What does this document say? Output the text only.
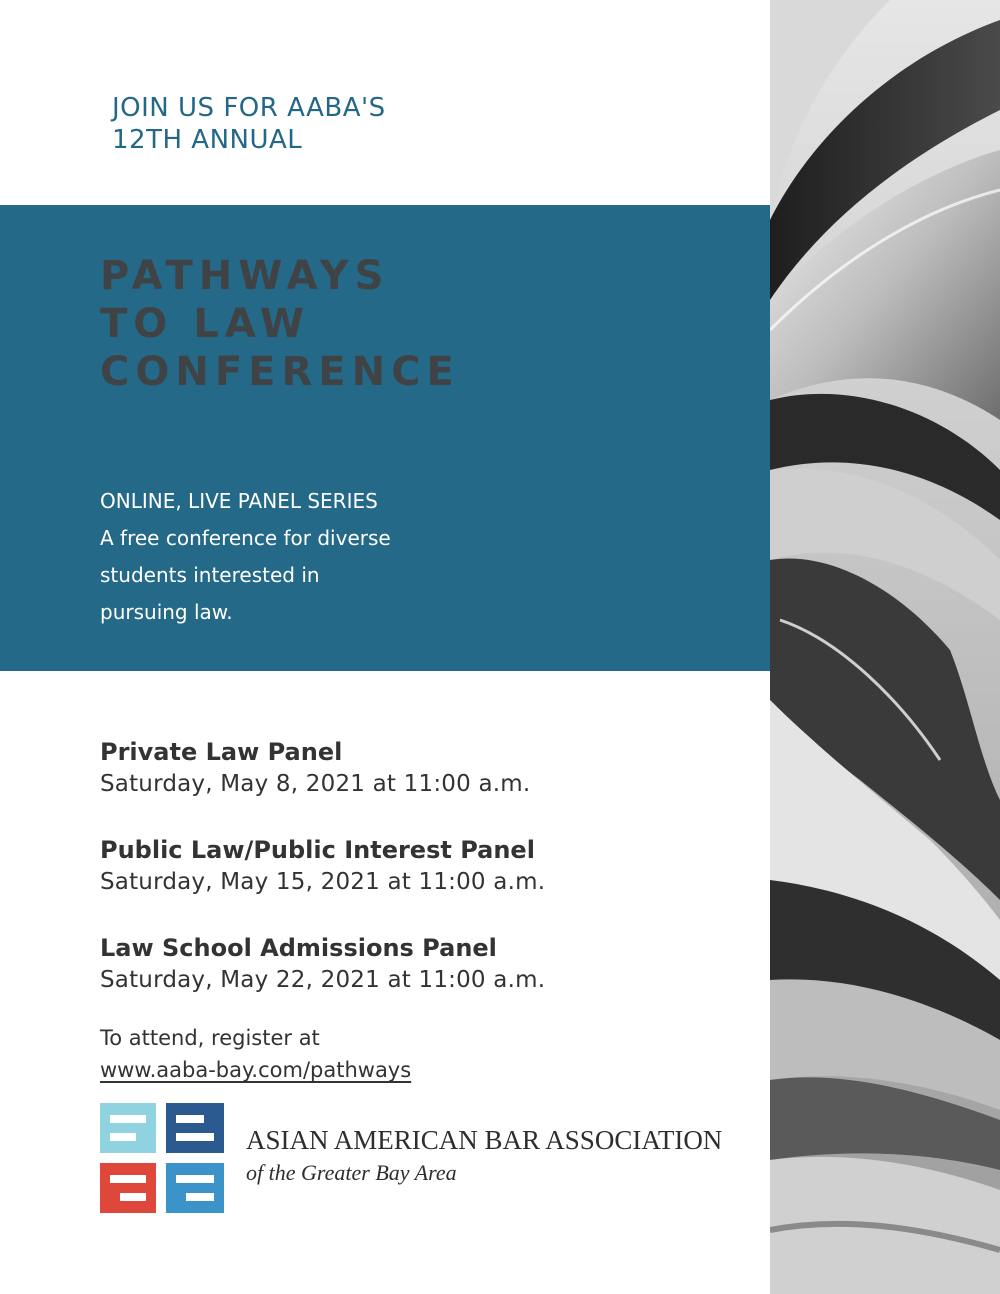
JOIN US FOR AABA'S
12TH ANNUAL
PATHWAYS
TO LAW
CONFERENCE
ONLINE, LIVE PANEL SERIES
A free conference for diverse
students interested in
pursuing law.
Private Law Panel
Saturday, May 8, 2021 at 11:00 a.m.
Public Law/Public Interest Panel
Saturday, May 15, 2021 at 11:00 a.m.
Law School Admissions Panel
Saturday, May 22, 2021 at 11:00 a.m.
To attend, register at
www.aaba-bay.com/pathways
ASIAN AMERICAN BAR ASSOCIATION
of the Greater Bay Area
